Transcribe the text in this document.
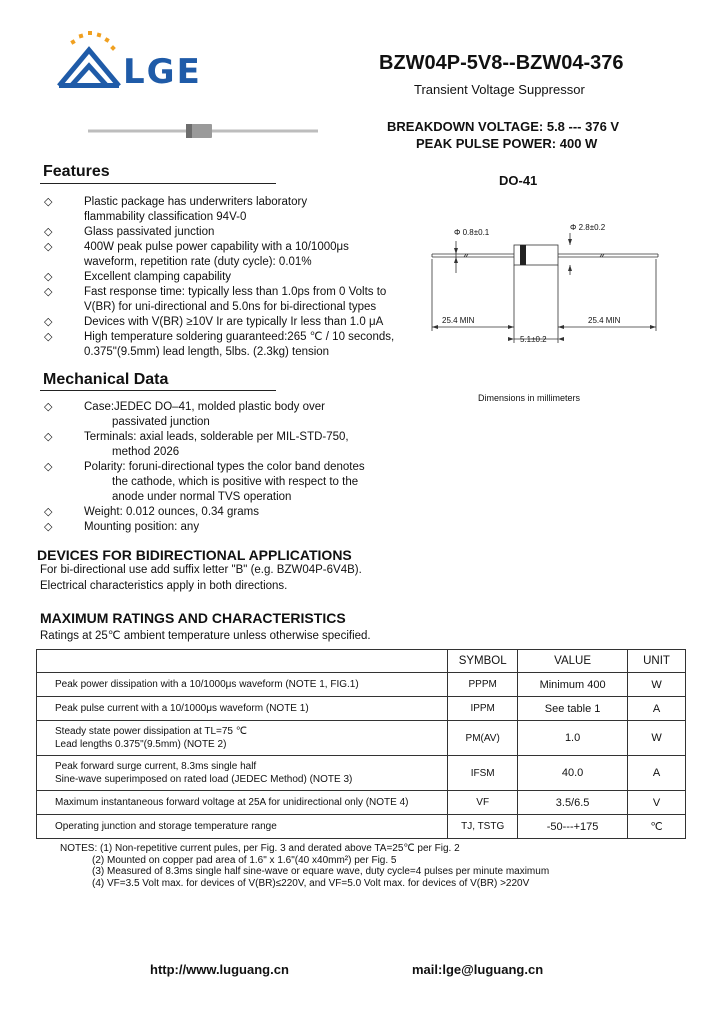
LGE	BZW04P-5V8--BZW04-376
Transient Voltage Suppressor
BREAKDOWN VOLTAGE: 5.8 --- 376 V
PEAK PULSE POWER: 400 W
DO-41
Features
◇	Plastic package has underwriters laboratory
flammability classification 94V-0
◇	Glass passivated junction
◇	400W peak pulse power capability with a 10/1000μs
waveform, repetition rate (duty cycle): 0.01%
◇	Excellent clamping capability
◇	Fast response time: typically less than 1.0ps from 0 Volts to
V(BR) for uni-directional and 5.0ns for bi-directional types
◇	Devices with V(BR) ≥10V Ir are typically Ir less than 1.0 μA
◇	High temperature soldering guaranteed:265 ℃ / 10 seconds,
0.375"(9.5mm) lead length, 5lbs. (2.3kg) tension
Mechanical Data
◇	Case:JEDEC DO–41, molded plastic body over
passivated junction
◇	Terminals: axial leads, solderable per MIL-STD-750,
method 2026
◇	Polarity: foruni-directional types the color band denotes
the cathode, which is positive with respect to the
anode under normal TVS operation
◇	Weight: 0.012 ounces, 0.34 grams
◇	Mounting position: any
Φ 0.8±0.1
Φ 2.8±0.2
25.4 MIN	25.4 MIN
5.1±0.2
Dimensions in millimeters
DEVICES FOR BIDIRECTIONAL APPLICATIONS
For bi-directional use add suffix letter "B" (e.g. BZW04P-6V4B).
Electrical characteristics apply in both directions.
MAXIMUM RATINGS AND CHARACTERISTICS
Ratings at 25℃ ambient temperature unless otherwise specified.
	SYMBOL	VALUE	UNIT

Peak power dissipation with a 10/1000μs waveform (NOTE 1, FIG.1)	PPPM	Minimum 400	W

Peak pulse current with a 10/1000μs waveform (NOTE 1)	IPPM	See table 1	A

Steady state power dissipation at TL=75 ℃
Lead lengths 0.375"(9.5mm) (NOTE 2)	PM(AV)	1.0	W

Peak forward surge current, 8.3ms single half
Sine-wave superimposed on rated load (JEDEC Method) (NOTE 3)	IFSM	40.0	A

Maximum instantaneous forward voltage at 25A for unidirectional only (NOTE 4)	VF	3.5/6.5	V

Operating junction and storage temperature range	TJ, TSTG	-50---+175	℃
NOTES: (1) Non-repetitive current pules, per Fig. 3 and derated above TA=25℃ per Fig. 2
(2) Mounted on copper pad area of 1.6" x 1.6"(40 x40mm²) per Fig. 5
(3) Measured of 8.3ms single half sine-wave or equare wave, duty cycle=4 pulses per minute maximum
(4) VF=3.5 Volt max. for devices of V(BR)≤220V, and VF=5.0 Volt max. for devices of V(BR) >220V
http://www.luguang.cn	mail:lge@luguang.cn
